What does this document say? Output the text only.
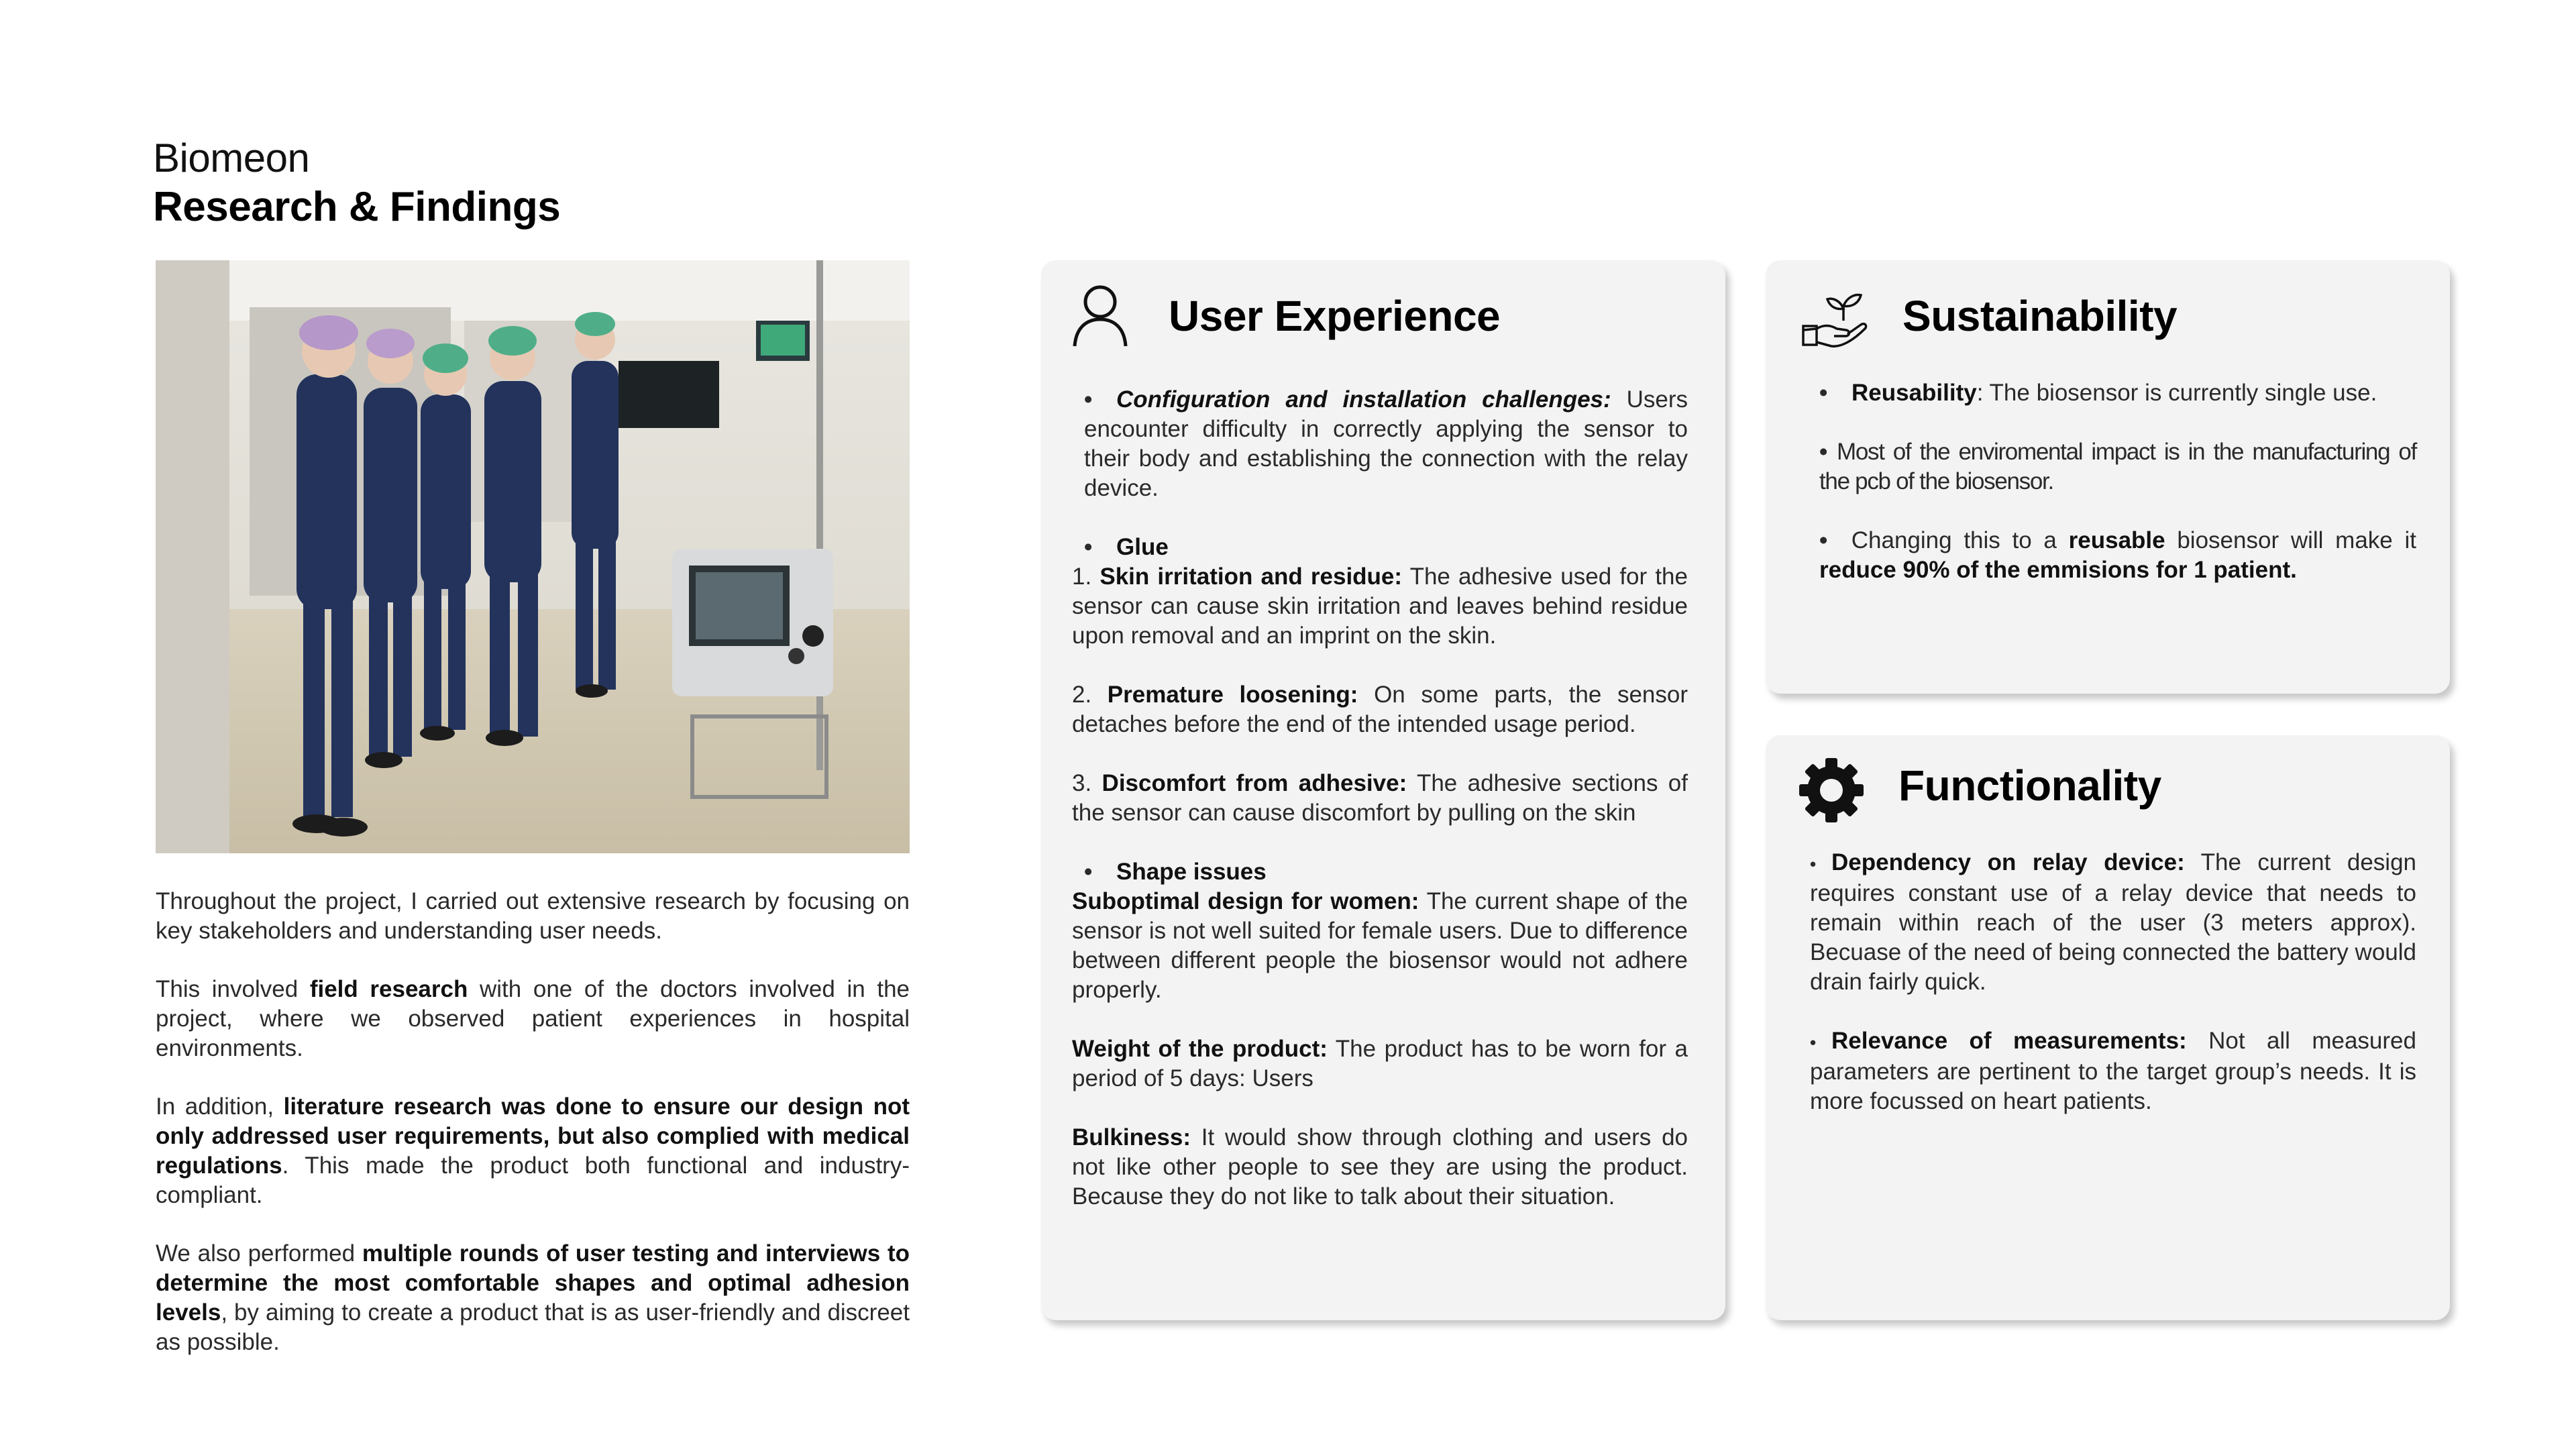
Biomeon
Research & Findings

Throughout the project, I carried out extensive research by focusing on key stakeholders and understanding user needs.

This involved field research with one of the doctors involved in the project, where we observed patient experiences in hospital environments.

In addition, literature research was done to ensure our design not only addressed user requirements, but also complied with medical regulations. This made the product both functional and industry-compliant.

We also performed multiple rounds of user testing and interviews to determine the most comfortable shapes and optimal adhesion levels, by aiming to create a product that is as user-friendly and discreet as possible.

User Experience

• Configuration and installation challenges: Users encounter difficulty in correctly applying the sensor to their body and establishing the connection with the relay device.

• Glue

1. Skin irritation and residue: The adhesive used for the sensor can cause skin irritation and leaves behind residue upon removal and an imprint on the skin.

2. Premature loosening: On some parts, the sensor detaches before the end of the intended usage period.

3. Discomfort from adhesive: The adhesive sections of the sensor can cause discomfort by pulling on the skin

• Shape issues

Suboptimal design for women: The current shape of the sensor is not well suited for female users. Due to difference between different people the biosensor would not adhere properly.

Weight of the product: The product has to be worn for a period of 5 days: Users

Bulkiness: It would show through clothing and users do not like other people to see they are using the product. Because they do not like to talk about their situation.

Sustainability

• Reusability: The biosensor is currently single use.

• Most of the enviromental impact is in the manufacturing of the pcb of the biosensor.

• Changing this to a reusable biosensor will make it reduce 90% of the emmisions for 1 patient.

Functionality

• Dependency on relay device: The current design requires constant use of a relay device that needs to remain within reach of the user (3 meters approx). Becuase of the need of being connected the battery would drain fairly quick.

• Relevance of measurements: Not all measured parameters are pertinent to the target group’s needs. It is more focussed on heart patients.
